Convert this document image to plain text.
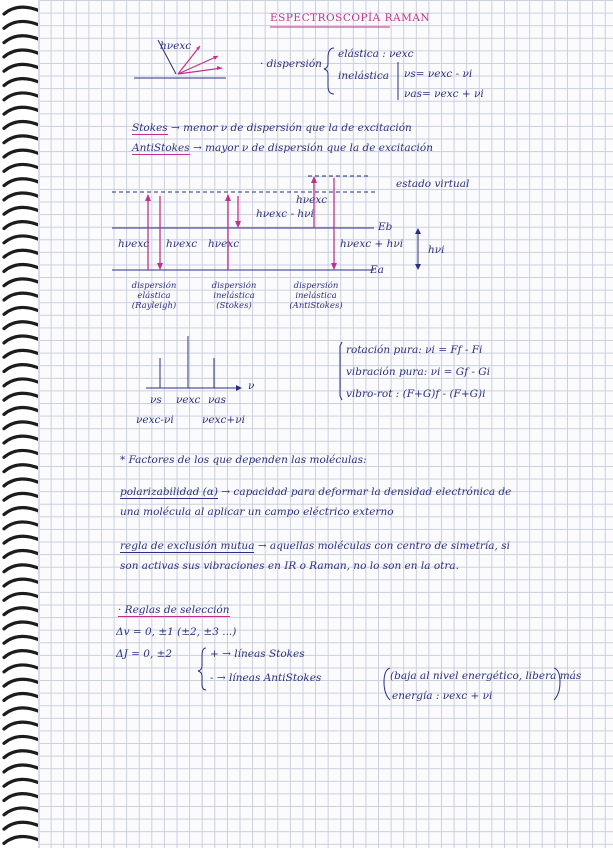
ESPECTROSCOPÍA RAMAN
hνexc
· dispersión
elástica : νexc
inelástica νs= νexc - νi
νas= νexc + νi
Stokes → menor ν de dispersión que la de excitación
AntiStokes → mayor ν de dispersión que la de excitación
estado virtual
Eb
Ea
hνexc hνexc hνexc
hνexc - hνi
hνexc
hνexc + hνi hνi
dispersión
elástica
(Rayleigh)
dispersión
inelástica
(Stokes)
dispersión
inelástica
(AntiStokes)
ν
νs νexc νas
νexc-νi	νexc+νi
rotación pura: νi = Ff - Fi
vibración pura: νi = Gf - Gi
vibro-rot : (F+G)f - (F+G)i
* Factores de los que dependen las moléculas:
polarizabilidad (α) → capacidad para deformar la densidad electrónica de
una molécula al aplicar un campo eléctrico externo
regla de exclusión mutua → aquellas moléculas con centro de simetría, si
son activas sus vibraciones en IR o Raman, no lo son en la otra.
· Reglas de selección
Δv = 0, ±1 (±2, ±3 ...)
ΔJ = 0, ±2	+ → líneas Stokes
- → líneas AntiStokes	(baja al nivel energético, libera más
energía : νexc + νi
